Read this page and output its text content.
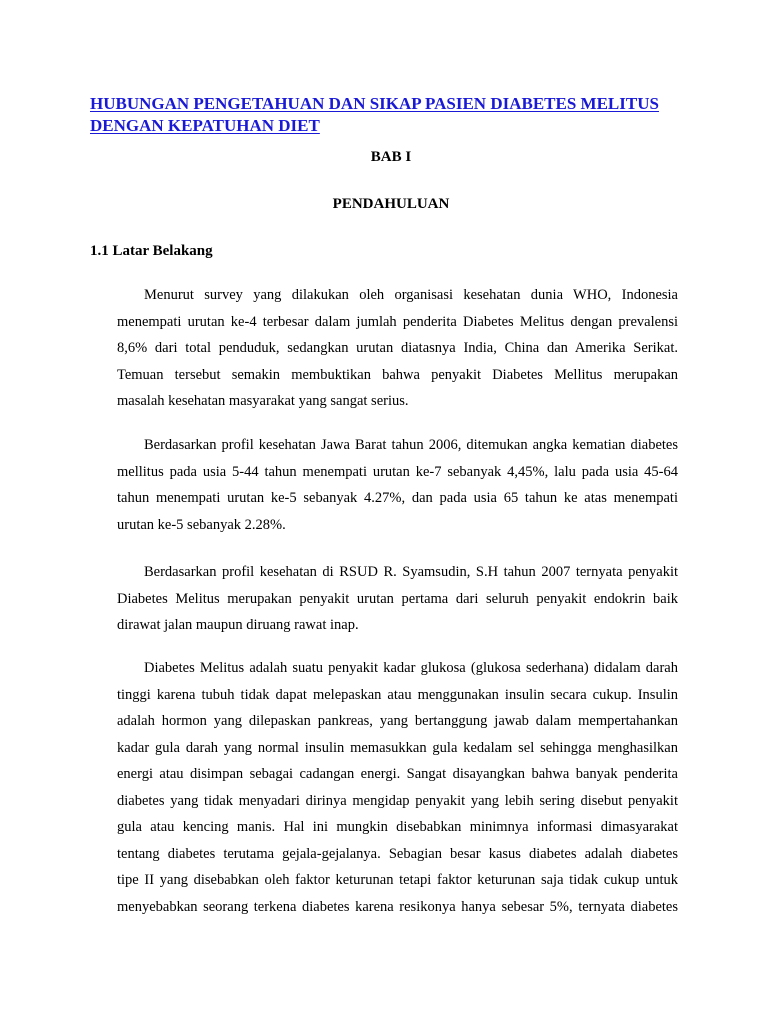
HUBUNGAN PENGETAHUAN DAN SIKAP PASIEN DIABETES MELITUS
DENGAN KEPATUHAN DIET
BAB I
PENDAHULUAN
1.1 Latar Belakang
Menurut survey yang dilakukan oleh organisasi kesehatan dunia WHO, Indonesia
menempati urutan ke-4 terbesar dalam jumlah penderita Diabetes Melitus dengan prevalensi
8,6% dari total penduduk, sedangkan urutan diatasnya India, China dan Amerika Serikat.
Temuan tersebut semakin membuktikan bahwa penyakit Diabetes Mellitus merupakan
masalah kesehatan masyarakat yang sangat serius.
Berdasarkan profil kesehatan Jawa Barat tahun 2006, ditemukan angka kematian diabetes
mellitus pada usia 5-44 tahun menempati urutan ke-7 sebanyak 4,45%, lalu pada usia 45-64
tahun menempati urutan ke-5 sebanyak 4.27%, dan pada usia 65 tahun ke atas menempati
urutan ke-5 sebanyak 2.28%.
Berdasarkan profil kesehatan di RSUD R. Syamsudin, S.H tahun 2007 ternyata penyakit
Diabetes Melitus merupakan penyakit urutan pertama dari seluruh penyakit endokrin baik
dirawat jalan maupun diruang rawat inap.
Diabetes Melitus adalah suatu penyakit kadar glukosa (glukosa sederhana) didalam darah
tinggi karena tubuh tidak dapat melepaskan atau menggunakan insulin secara cukup. Insulin
adalah hormon yang dilepaskan pankreas, yang bertanggung jawab dalam mempertahankan
kadar gula darah yang normal insulin memasukkan gula kedalam sel sehingga menghasilkan
energi atau disimpan sebagai cadangan energi. Sangat disayangkan bahwa banyak penderita
diabetes yang tidak menyadari dirinya mengidap penyakit yang lebih sering disebut penyakit
gula atau kencing manis. Hal ini mungkin disebabkan minimnya informasi dimasyarakat
tentang diabetes terutama gejala-gejalanya. Sebagian besar kasus diabetes adalah diabetes
tipe II yang disebabkan oleh faktor keturunan tetapi faktor keturunan saja tidak cukup untuk
menyebabkan seorang terkena diabetes karena resikonya hanya sebesar 5%, ternyata diabetes
